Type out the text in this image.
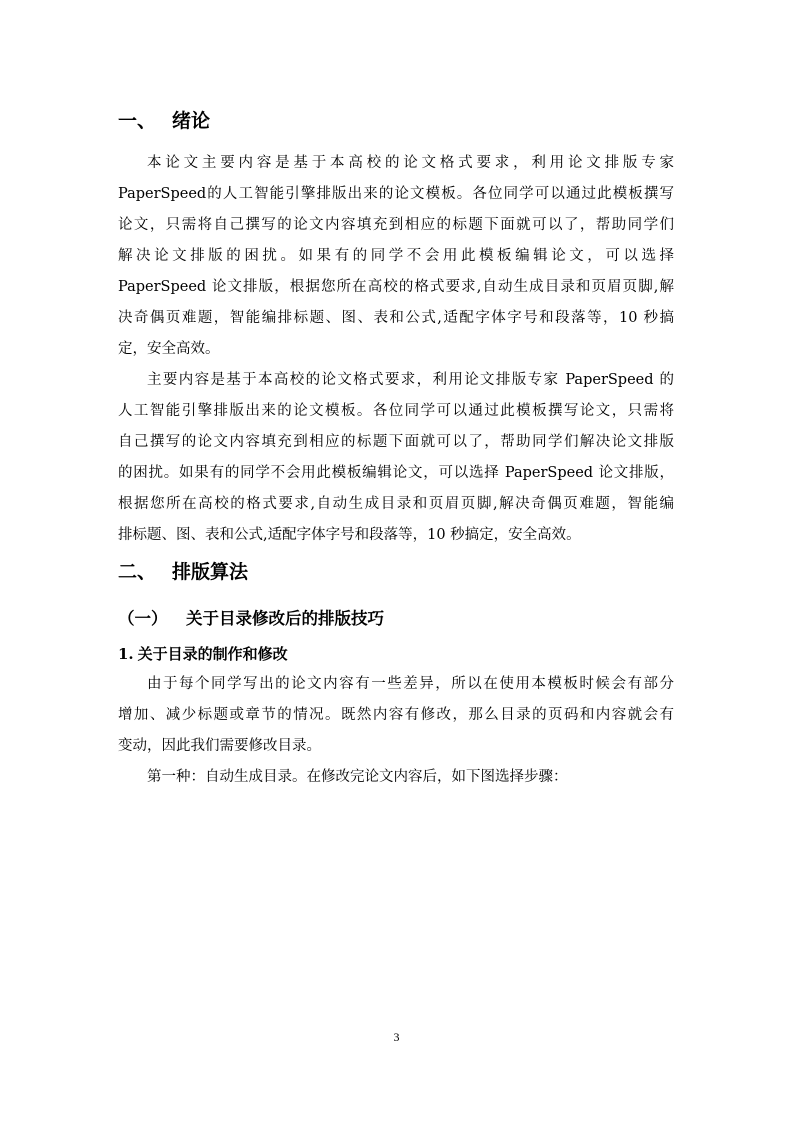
一、 绪论

本论文主要内容是基于本高校的论文格式要求，利用论文排版专家
PaperSpeed的人工智能引擎排版出来的论文模板。各位同学可以通过此模板撰写
论文，只需将自己撰写的论文内容填充到相应的标题下面就可以了，帮助同学们
解决论文排版的困扰。如果有的同学不会用此模板编辑论文，可以选择
PaperSpeed 论文排版，根据您所在高校的格式要求,自动生成目录和页眉页脚,解
决奇偶页难题，智能编排标题、图、表和公式,适配字体字号和段落等，10 秒搞
定，安全高效。

主要内容是基于本高校的论文格式要求，利用论文排版专家 PaperSpeed 的
人工智能引擎排版出来的论文模板。各位同学可以通过此模板撰写论文，只需将
自己撰写的论文内容填充到相应的标题下面就可以了，帮助同学们解决论文排版
的困扰。如果有的同学不会用此模板编辑论文，可以选择 PaperSpeed 论文排版，
根据您所在高校的格式要求,自动生成目录和页眉页脚,解决奇偶页难题，智能编
排标题、图、表和公式,适配字体字号和段落等，10 秒搞定，安全高效。

二、 排版算法
（一） 关于目录修改后的排版技巧
1. 关于目录的制作和修改

由于每个同学写出的论文内容有一些差异，所以在使用本模板时候会有部分
增加、减少标题或章节的情况。既然内容有修改，那么目录的页码和内容就会有
变动，因此我们需要修改目录。

第一种：自动生成目录。在修改完论文内容后，如下图选择步骤：

3
